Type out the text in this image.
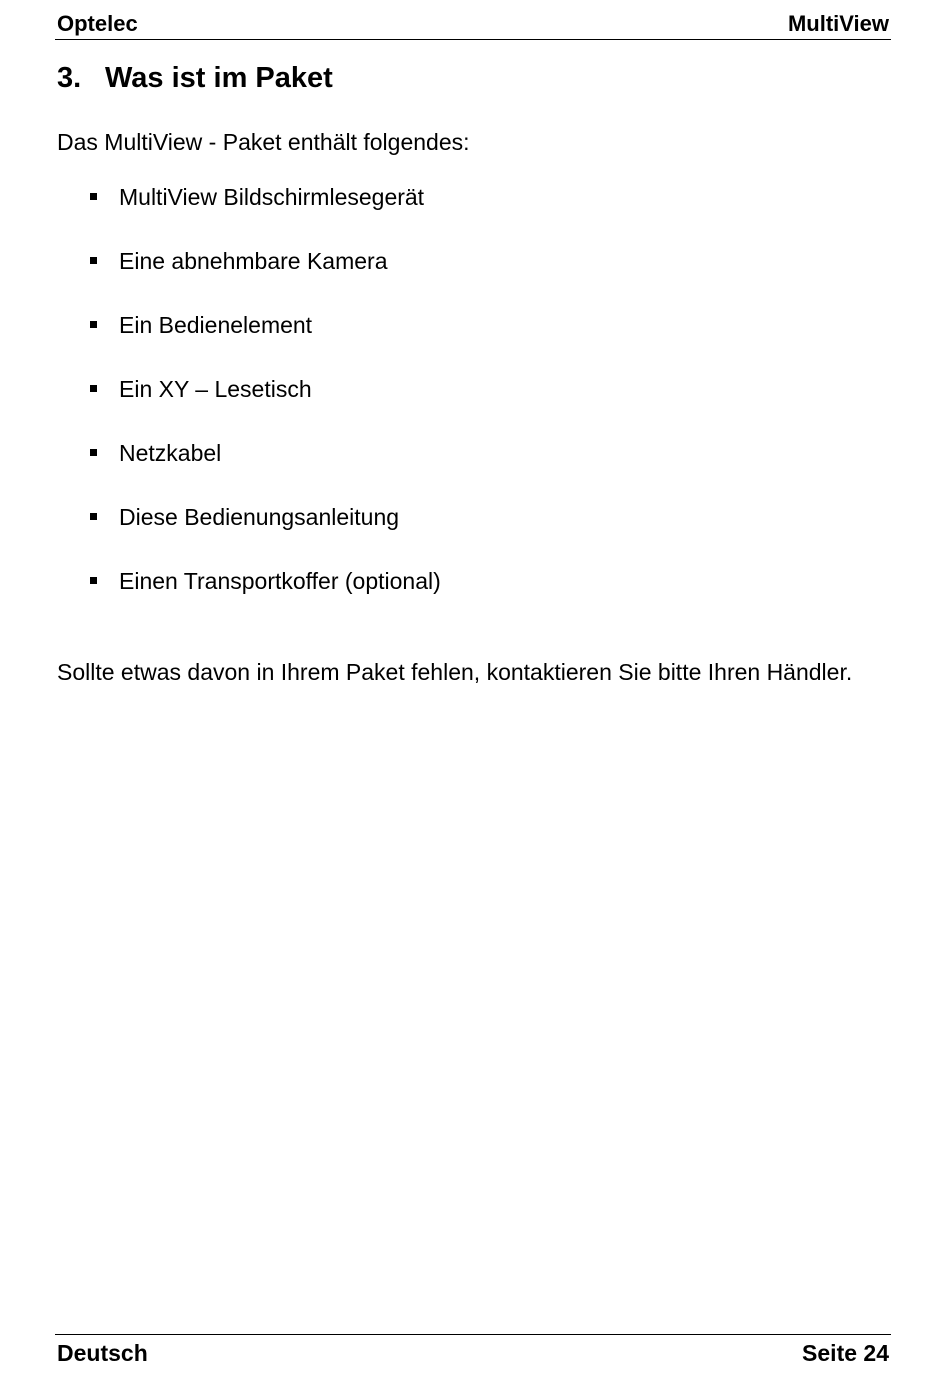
Optelec	MultiView
3. Was ist im Paket

Das MultiView - Paket enthält folgendes:

MultiView Bildschirmlesegerät
Eine abnehmbare Kamera
Ein Bedienelement
Ein XY – Lesetisch
Netzkabel
Diese Bedienungsanleitung
Einen Transportkoffer (optional)

Sollte etwas davon in Ihrem Paket fehlen, kontaktieren Sie bitte Ihren Händler.

Deutsch	Seite 24
